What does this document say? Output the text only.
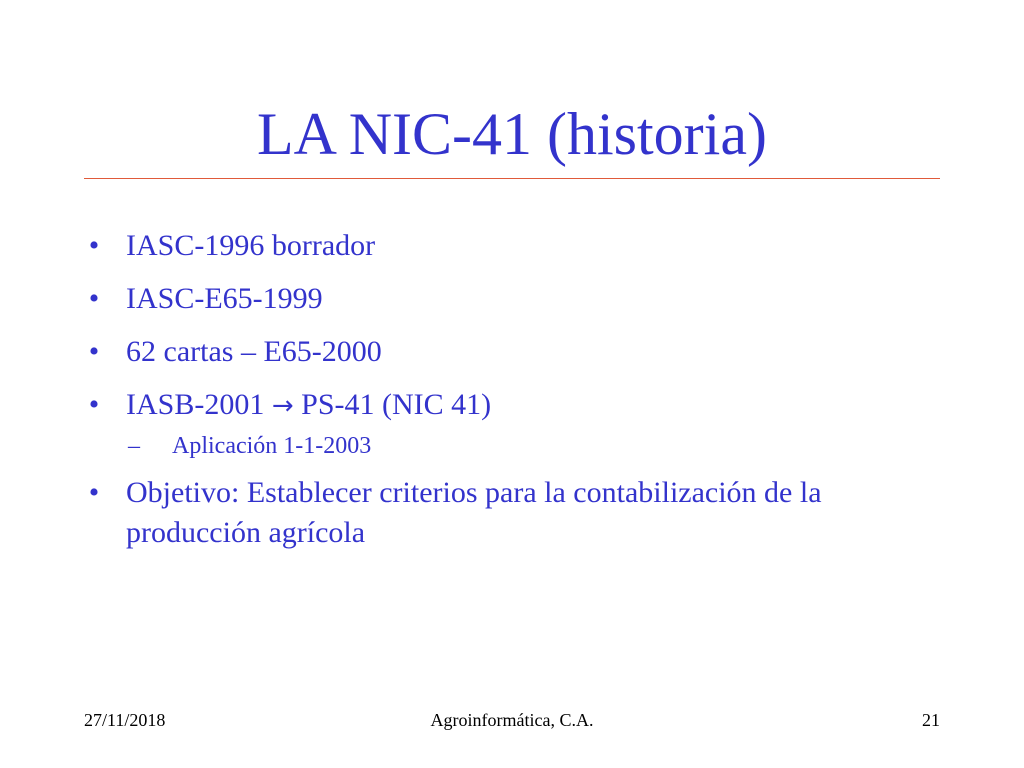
LA NIC-41 (historia)
• IASC-1996 borrador
• IASC-E65-1999
• 62 cartas – E65-2000
• IASB-2001 → PS-41 (NIC 41)
– Aplicación 1-1-2003
• Objetivo: Establecer criterios para la contabilización de la producción agrícola
27/11/2018	Agroinformática, C.A.	21
